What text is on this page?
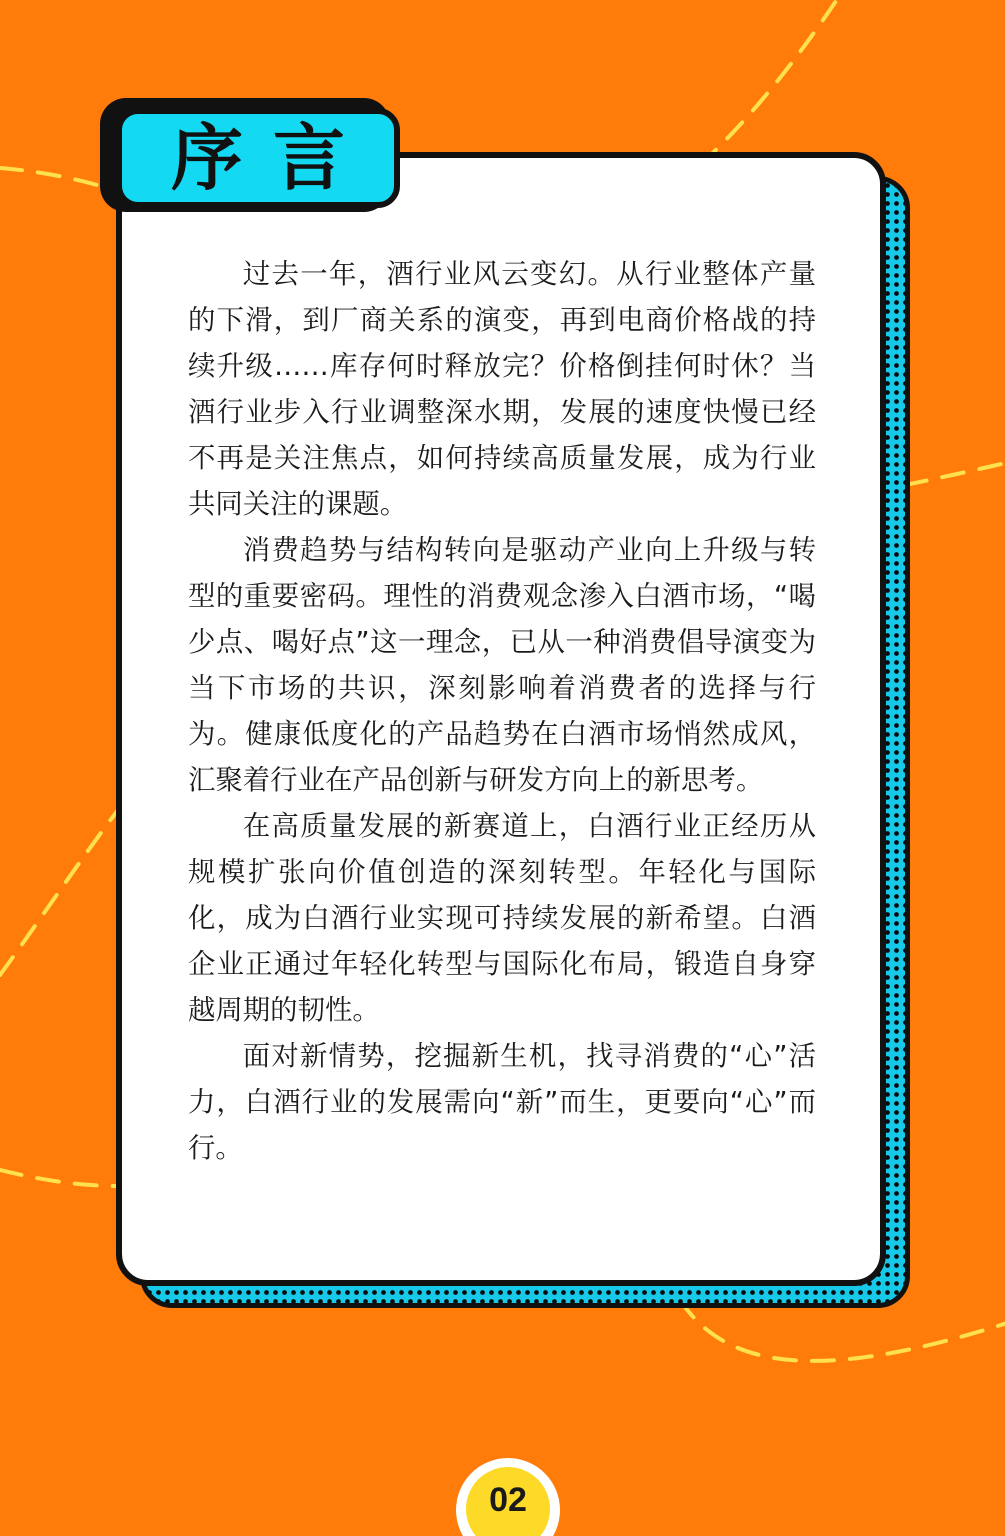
序言

过去一年，酒行业风云变幻。从行业整体产量的下滑，到厂商关系的演变，再到电商价格战的持续升级……库存何时释放完？价格倒挂何时休？当酒行业步入行业调整深水期，发展的速度快慢已经不再是关注焦点，如何持续高质量发展，成为行业共同关注的课题。

消费趋势与结构转向是驱动产业向上升级与转型的重要密码。理性的消费观念渗入白酒市场，“喝少点、喝好点”这一理念，已从一种消费倡导演变为当下市场的共识，深刻影响着消费者的选择与行为。健康低度化的产品趋势在白酒市场悄然成风，汇聚着行业在产品创新与研发方向上的新思考。

在高质量发展的新赛道上，白酒行业正经历从规模扩张向价值创造的深刻转型。年轻化与国际化，成为白酒行业实现可持续发展的新希望。白酒企业正通过年轻化转型与国际化布局，锻造自身穿越周期的韧性。

面对新情势，挖掘新生机，找寻消费的“心”活力，白酒行业的发展需向“新”而生，更要向“心”而行。

02
